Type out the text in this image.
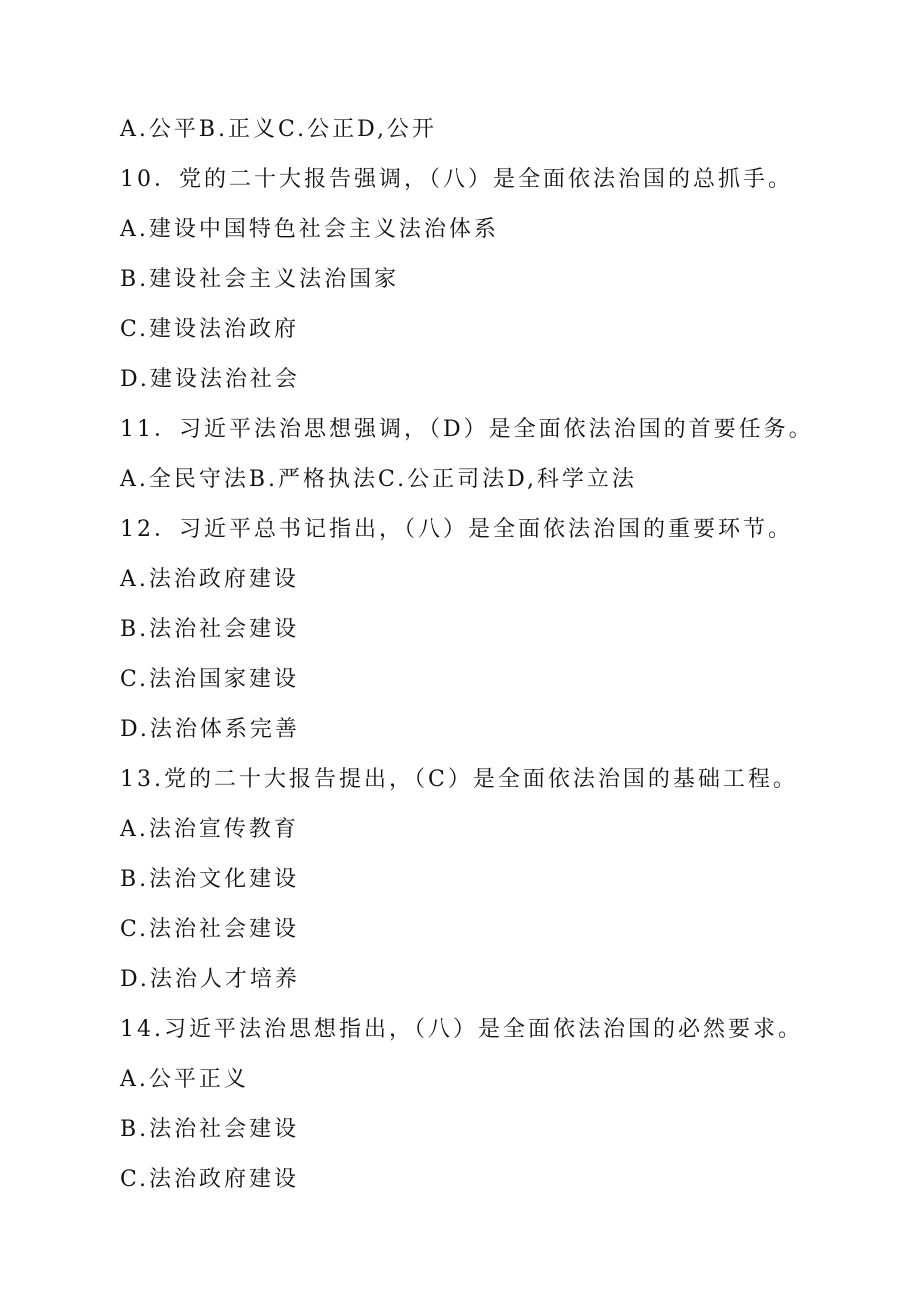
A.公平B.正义C.公正D,公开
10．党的二十大报告强调，（八）是全面依法治国的总抓手。
A.建设中国特色社会主义法治体系
B.建设社会主义法治国家
C.建设法治政府
D.建设法治社会
11．习近平法治思想强调，（D）是全面依法治国的首要任务。
A.全民守法B.严格执法C.公正司法D,科学立法
12．习近平总书记指出，（八）是全面依法治国的重要环节。
A.法治政府建设
B.法治社会建设
C.法治国家建设
D.法治体系完善
13.党的二十大报告提出，（C）是全面依法治国的基础工程。
A.法治宣传教育
B.法治文化建设
C.法治社会建设
D.法治人才培养
14.习近平法治思想指出，（八）是全面依法治国的必然要求。
A.公平正义
B.法治社会建设
C.法治政府建设
